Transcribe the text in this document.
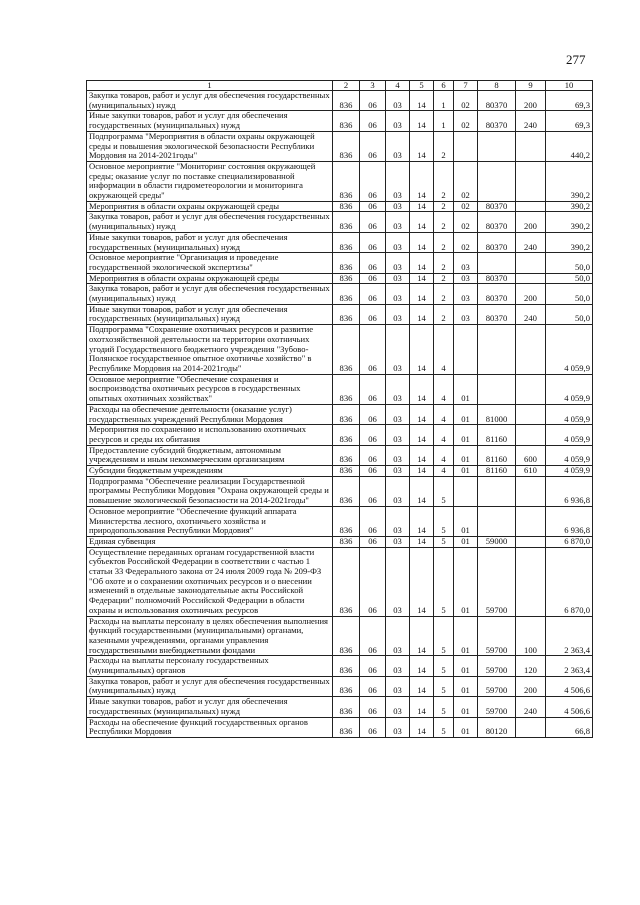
277
1	2	3	4	5	6	7	8	9	10
Закупка товаров, работ и услуг для обеспечения государственных (муниципальных) нужд	836	06	03	14	1	02	80370	200	69,3
Иные закупки товаров, работ и услуг для обеспечения государственных (муниципальных) нужд	836	06	03	14	1	02	80370	240	69,3
Подпрограмма "Мероприятия в области охраны окружающей среды и повышения экологической безопасности Республики Мордовия на 2014-2021годы"	836	06	03	14	2				440,2
Основное мероприятие "Мониторинг состояния окружающей среды; оказание услуг по поставке специализированной информации в области гидрометеорологии и мониторинга окружающей среды"	836	06	03	14	2	02			390,2
Мероприятия в области охраны окружающей среды	836	06	03	14	2	02	80370		390,2
Закупка товаров, работ и услуг для обеспечения государственных (муниципальных) нужд	836	06	03	14	2	02	80370	200	390,2
Иные закупки товаров, работ и услуг для обеспечения государственных (муниципальных) нужд	836	06	03	14	2	02	80370	240	390,2
Основное мероприятие "Организация и проведение государственной экологической экспертизы"	836	06	03	14	2	03			50,0
Мероприятия в области охраны окружающей среды	836	06	03	14	2	03	80370		50,0
Закупка товаров, работ и услуг для обеспечения государственных (муниципальных) нужд	836	06	03	14	2	03	80370	200	50,0
Иные закупки товаров, работ и услуг для обеспечения государственных (муниципальных) нужд	836	06	03	14	2	03	80370	240	50,0
Подпрограмма "Сохранение охотничьих ресурсов и развитие охотхозяйственной деятельности на территории охотничьих угодий Государственного бюджетного учреждения "Зубово-Полянское государственное опытное охотничье хозяйство" в Республике Мордовия на 2014-2021годы"	836	06	03	14	4				4 059,9
Основное мероприятие "Обеспечение сохранения и воспроизводства охотничьих ресурсов в государственных опытных охотничьих хозяйствах"	836	06	03	14	4	01			4 059,9
Расходы на обеспечение деятельности (оказание услуг) государственных учреждений Республики Мордовия	836	06	03	14	4	01	81000		4 059,9
Мероприятия по сохранению и использованию охотничьих ресурсов и среды их обитания	836	06	03	14	4	01	81160		4 059,9
Предоставление субсидий бюджетным, автономным учреждениям и иным некоммерческим организациям	836	06	03	14	4	01	81160	600	4 059,9
Субсидии бюджетным учреждениям	836	06	03	14	4	01	81160	610	4 059,9
Подпрограмма "Обеспечение реализации Государственной программы Республики Мордовия "Охрана окружающей среды и повышение экологической безопасности на 2014-2021годы"	836	06	03	14	5				6 936,8
Основное мероприятие "Обеспечение функций аппарата Министерства лесного, охотничьего хозяйства и природопользования Республики Мордовия"	836	06	03	14	5	01			6 936,8
Единая субвенция	836	06	03	14	5	01	59000		6 870,0
Осуществление переданных органам государственной власти субъектов Российской Федерации в соответствии с частью 1 статьи 33 Федерального закона от 24 июля 2009 года № 209-ФЗ "Об охоте и о сохранении охотничьих ресурсов и о внесении изменений в отдельные законодательные акты Российской Федерации" полномочий Российской Федерации в области охраны и использования охотничьих ресурсов	836	06	03	14	5	01	59700		6 870,0
Расходы на выплаты персоналу в целях обеспечения выполнения функций государственными (муниципальными) органами, казенными учреждениями, органами управления государственными внебюджетными фондами	836	06	03	14	5	01	59700	100	2 363,4
Расходы на выплаты персоналу государственных (муниципальных) органов	836	06	03	14	5	01	59700	120	2 363,4
Закупка товаров, работ и услуг для обеспечения государственных (муниципальных) нужд	836	06	03	14	5	01	59700	200	4 506,6
Иные закупки товаров, работ и услуг для обеспечения государственных (муниципальных) нужд	836	06	03	14	5	01	59700	240	4 506,6
Расходы на обеспечение функций государственных органов Республики Мордовия	836	06	03	14	5	01	80120		66,8
